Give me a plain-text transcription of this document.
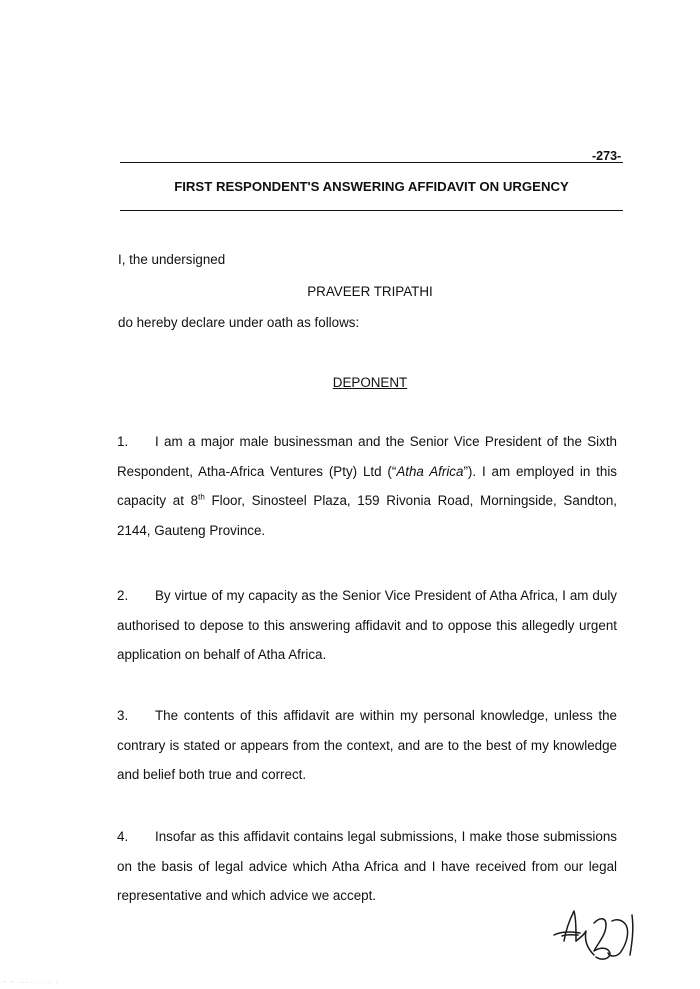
-273-
FIRST RESPONDENT'S ANSWERING AFFIDAVIT ON URGENCY
I, the undersigned
PRAVEER TRIPATHI
do hereby declare under oath as follows:
DEPONENT
1. I am a major male businessman and the Senior Vice President of the Sixth
Respondent, Atha-Africa Ventures (Pty) Ltd (“Atha Africa”). I am employed in this
capacity at 8th Floor, Sinosteel Plaza, 159 Rivonia Road, Morningside, Sandton,
2144, Gauteng Province.
2. By virtue of my capacity as the Senior Vice President of Atha Africa, I am duly
authorised to depose to this answering affidavit and to oppose this allegedly urgent
application on behalf of Atha Africa.
3. The contents of this affidavit are within my personal knowledge, unless the
contrary is stated or appears from the context, and are to the best of my knowledge
and belief both true and correct.
4. Insofar as this affidavit contains legal submissions, I make those submissions
on the basis of legal advice which Atha Africa and I have received from our legal
representative and which advice we accept.
- - ..... . . .
